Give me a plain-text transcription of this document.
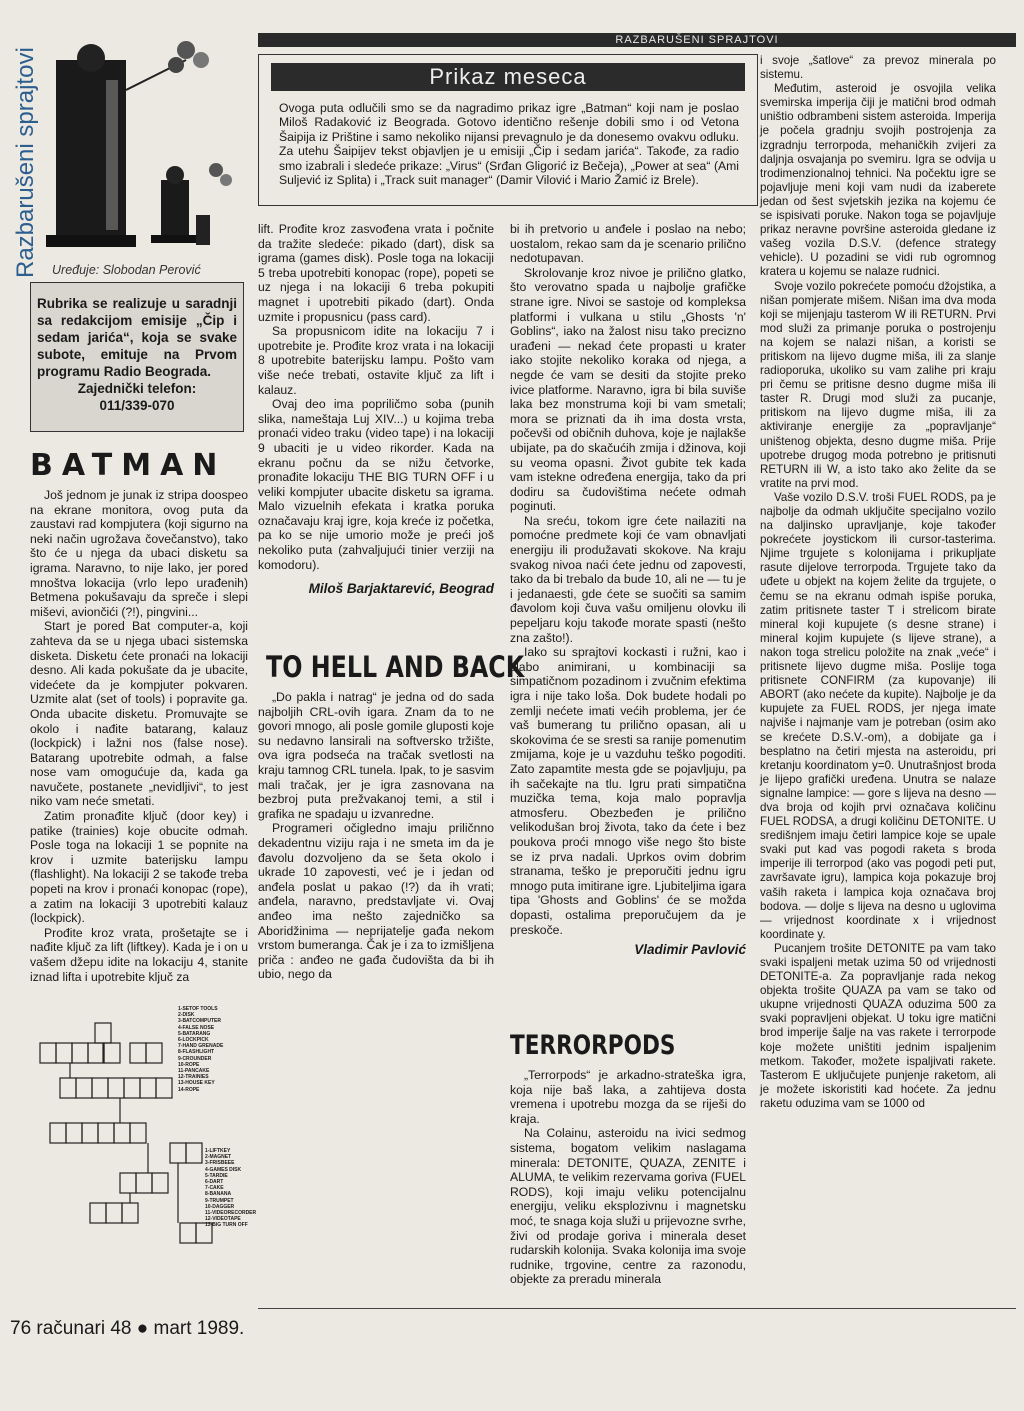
Razbarušeni sprajtovi Uređuje: Slobodan Perović
Rubrika se realizuje u saradnji sa redakcijom emisije „Čip i sedam jarića“, koja se svake subote, emituje na Prvom programu Radio Beograda.
Zajednički telefon:
011/339-070
BATMAN

Još jednom je junak iz stripa doospeo na ekrane monitora, ovog puta da zaustavi rad kompjutera (koji sigurno na neki način ugrožava čovečanstvo), tako što će u njega da ubaci disketu sa igrama. Naravno, to nije lako, jer pored mnoštva lokacija (vrlo lepo urađenih) Betmena pokušavaju da spreče i slepi miševi, aviončići (?!), pingvini...

Start je pored Bat computer-a, koji zahteva da se u njega ubaci sistemska disketa. Disketu ćete pronaći na lokaciji desno. Ali kada pokušate da je ubacite, videćete da je kompjuter pokvaren. Uzmite alat (set of tools) i popravite ga. Onda ubacite disketu. Promuvajte se okolo i nađite batarang, kalauz (lockpick) i lažni nos (false nose). Batarang upotrebite odmah, a false nose vam omogućuje da, kada ga navučete, postanete „nevidljivi“, to jest niko vam neće smetati.

Zatim pronađite ključ (door key) i patike (trainies) koje obucite odmah. Posle toga na lokaciji 1 se popnite na krov i uzmite baterijsku lampu (flashlight). Na lokaciji 2 se takođe treba popeti na krov i pronaći konopac (rope), a zatim na lokaciji 3 upotrebiti kalauz (lockpick).

Prođite kroz vrata, prošetajte se i nađite ključ za lift (liftkey). Kada je i on u vašem džepu idite na lokaciju 4, stanite iznad lifta i upotrebite ključ za

1-SETOF TOOLS
2-DISK
3-BATCOMPUTER
4-FALSE NOSE
5-BATARANG
6-LOCKPICK
7-HAND GRENADE
8-FLASHLIGHT
9-CROUNDER
10-ROPE
11-PANCAKE
12-TRAINIES
13-HOUSE KEY
14-ROPE
1-LIFTKEY
2-MAGNET
3-FRISBEEE
4-GAMES DISK
5-TARDIE
6-DART
7-CAKE
8-BANANA
9-TRUMPET
10-DAGGER
11-VIDEORECORDER
12-VIDEOTAPE
13-BIG TURN OFF
RAZBARUŠENI SPRAJTOVI
Prikaz meseca
Ovoga puta odlučili smo se da nagradimo prikaz igre „Batman“ koji nam je poslao Miloš Radaković iz Beograda. Gotovo identično rešenje dobili smo i od Vetona Šaipija iz Prištine i samo nekoliko nijansi prevagnulo je da donesemo ovakvu odluku. Za utehu Šaipijev tekst objavljen je u emisiji „Čip i sedam jarića“. Takođe, za radio smo izabrali i sledeće prikaze: „Virus“ (Srđan Gligorić iz Bečeja), „Power at sea“ (Ami Suljević iz Splita) i „Track suit manager“ (Damir Vilović i Mario Žamić iz Brele).

lift. Prođite kroz zasvođena vrata i počnite da tražite sledeće: pikado (dart), disk sa igrama (games disk). Posle toga na lokaciji 5 treba upotrebiti konopac (rope), popeti se uz njega i na lokaciji 6 treba pokupiti magnet i upotrebiti pikado (dart). Onda uzmite i propusnicu (pass card).

Sa propusnicom idite na lokaciju 7 i upotrebite je. Prođite kroz vrata i na lokaciji 8 upotrebite baterijsku lampu. Pošto vam više neće trebati, ostavite ključ za lift i kalauz.

Ovaj deo ima popriličmo soba (punih slika, nameštaja Luj XIV...) u kojima treba pronaći video traku (video tape) i na lokaciji 9 ubaciti je u video rikorder. Kada na ekranu počnu da se nižu četvorke, pronađite lokaciju THE BIG TURN OFF i u veliki kompjuter ubacite disketu sa igrama. Malo vizuelnih efekata i kratka poruka označavaju kraj igre, koja kreće iz početka, pa ko se nije umorio može je preći još nekoliko puta (zahvaljujući tinier verziji na komodoru).

Miloš Barjaktarević, Beograd
TO HELL AND BACK

„Do pakla i natrag“ je jedna od do sada najboljih CRL-ovih igara. Znam da to ne govori mnogo, ali posle gomile gluposti koje su nedavno lansirali na softversko tržište, ova igra podseća na tračak svetlosti na kraju tamnog CRL tunela. Ipak, to je sasvim mali tračak, jer je igra zasnovana na bezbroj puta prežvakanoj temi, a stil i grafika ne spadaju u izvanredne.

Programeri očigledno imaju priličnno dekadentnu viziju raja i ne smeta im da je đavolu dozvoljeno da se šeta okolo i ukrade 10 zapovesti, već je i jedan od anđela poslat u pakao (!?) da ih vrati; anđela, naravno, predstavljate vi. Ovaj anđeo ima nešto zajedničko sa Aboridžinima — neprijatelje gađa nekom vrstom bumeranga. Čak je i za to izmišljena priča : anđeo ne gađa čudovišta da bi ih ubio, nego da

bi ih pretvorio u anđele i poslao na nebo; uostalom, rekao sam da je scenario prilično nedotupavan.

Skrolovanje kroz nivoe je prilično glatko, što verovatno spada u najbolje grafičke strane igre. Nivoi se sastoje od kompleksa platformi i vulkana u stilu „Ghosts 'n' Goblins“, iako na žalost nisu tako precizno urađeni — nekad ćete propasti u krater iako stojite nekoliko koraka od njega, a negde će vam se desiti da stojite preko ivice platforme. Naravno, igra bi bila suviše laka bez monstruma koji bi vam smetali; mora se priznati da ih ima dosta vrsta, počevši od običnih duhova, koje je najlakše ubijate, pa do skačućih zmija i džinova, koji su veoma opasni. Život gubite tek kada vam istekne određena energija, tako da pri dodiru sa čudovištima nećete odmah poginuti.

Na sreću, tokom igre ćete nailaziti na pomoćne predmete koji će vam obnavljati energiju ili produžavati skokove. Na kraju svakog nivoa naći ćete jednu od zapovesti, tako da bi trebalo da bude 10, ali ne — tu je i jedanaesti, gde ćete se suočiti sa samim đavolom koji čuva vašu omiljenu olovku ili pepeljaru koju takođe morate spasti (nešto zna zašto!).

Iako su sprajtovi kockasti i ružni, kao i slabo animirani, u kombinaciji sa simpatičnom pozadinom i zvučnim efektima igra i nije tako loša. Dok budete hodali po zemlji nećete imati većih problema, jer će vaš bumerang tu prilično opasan, ali u skokovima će se sresti sa ranije pomenutim zmijama, koje je u vazduhu teško pogoditi. Zato zapamtite mesta gde se pojavljuju, pa ih sačekajte na tlu. Igru prati simpatična muzička tema, koja malo popravlja atmosferu. Obezbeđen je prilično velikodušan broj života, tako da ćete i bez poukova proći mnogo više nego što biste se iz prva nadali. Uprkos ovim dobrim stranama, teško je preporučiti jednu igru mnogo puta imitirane igre. Ljubiteljima igara tipa 'Ghosts and Goblins' će se možda dopasti, ostalima preporučujem da je preskoče.

Vladimir Pavlović
TERRORPODS

„Terrorpods“ je arkadno-strateška igra, koja nije baš laka, a zahtijeva dosta vremena i upotrebu mozga da se riješi do kraja.

Na Colainu, asteroidu na ivici sedmog sistema, bogatom velikim naslagama minerala: DETONITE, QUAZA, ZENITE i ALUMA, te velikim rezervama goriva (FUEL RODS), koji imaju veliku potencijalnu energiju, veliku eksplozivnu i magnetsku moć, te snaga koja služi u prijevozne svrhe, živi od prodaje goriva i minerala deset rudarskih kolonija. Svaka kolonija ima svoje rudnike, trgovine, centre za razonodu, objekte za preradu minerala

i svoje „šatlove“ za prevoz minerala po sistemu.

Međutim, asteroid je osvojila velika svemirska imperija čiji je matični brod odmah uništio odbrambeni sistem asteroida. Imperija je počela gradnju svojih postrojenja za izgradnju terrorpoda, mehaničkih zvijeri za daljnja osvajanja po svemiru. Igra se odvija u trodimenzionalnoj tehnici. Na počektu igre se pojavljuje meni koji vam nudi da izaberete jedan od šest svjetskih jezika na kojemu će se ispisivati poruke. Nakon toga se pojavljuje prikaz neravne površine asteroida gledane iz vašeg vozila D.S.V. (defence strategy vehicle). U pozadini se vidi rub ogromnog kratera u kojemu se nalaze rudnici.

Svoje vozilo pokrećete pomoću džojstika, a nišan pomjerate mišem. Nišan ima dva moda koji se mijenjaju tasterom W ili RETURN. Prvi mod služi za primanje poruka o postrojenju na kojem se nalazi nišan, a koristi se pritiskom na lijevo dugme miša, ili za slanje radioporuka, ukoliko su vam zalihe pri kraju pri čemu se pritisne desno dugme miša ili taster R. Drugi mod služi za pucanje, pritiskom na lijevo dugme miša, ili za aktiviranje energije za „popravljanje“ uništenog objekta, desno dugme miša. Prije upotrebe drugog moda potrebno je pritisnuti RETURN ili W, a isto tako ako želite da se vratite na prvi mod.

Vaše vozilo D.S.V. troši FUEL RODS, pa je najbolje da odmah uključite specijalno vozilo na daljinsko upravljanje, koje također pokrećete joystickom ili cursor-tasterima. Njime trgujete s kolonijama i prikupljate rasute dijelove terrorpoda. Trgujete tako da uđete u objekt na kojem želite da trgujete, o čemu se na ekranu odmah ispiše poruka, zatim pritisnete taster T i strelicom birate mineral koji kupujete (s desne strane) i mineral kojim kupujete (s lijeve strane), a nakon toga strelicu položite na znak „veće“ i pritisnete lijevo dugme miša. Poslije toga pritisnete CONFIRM (za kupovanje) ili ABORT (ako nećete da kupite). Najbolje je da kupujete za FUEL RODS, jer njega imate najviše i najmanje vam je potreban (osim ako se krećete D.S.V.-om), a dobijate ga i besplatno na četiri mjesta na asteroidu, pri kretanju koordinatom y=0. Unutrašnjost broda je lijepo grafički uređena. Unutra se nalaze signalne lampice: — gore s lijeva na desno — dva broja od kojih prvi označava količinu FUEL RODSA, a drugi količinu DETONITE. U središnjem imaju četiri lampice koje se upale svaki put kad vas pogodi raketa s broda imperije ili terrorpod (ako vas pogodi peti put, završavate igru), lampica koja pokazuje broj vaših raketa i lampica koja označava broj bodova. — dolje s lijeva na desno u uglovima — vrijednost koordinate x i vrijednost koordinate y.

Pucanjem trošite DETONITE pa vam tako svaki ispaljeni metak uzima 50 od vrijednosti DETONITE-a. Za popravljanje rada nekog objekta trošite QUAZA pa vam se tako od ukupne vrijednosti QUAZA oduzima 500 za svaki popravljeni objekat. U toku igre matični brod imperije šalje na vas rakete i terrorpode koje možete uništiti jednim ispaljenim metkom. Također, možete ispaljivati rakete. Tasterom E uključujete punjenje raketom, ali je možete iskoristiti kad hoćete. Za jednu raketu oduzima vam se 1000 od

76 računari 48 ● mart 1989.
